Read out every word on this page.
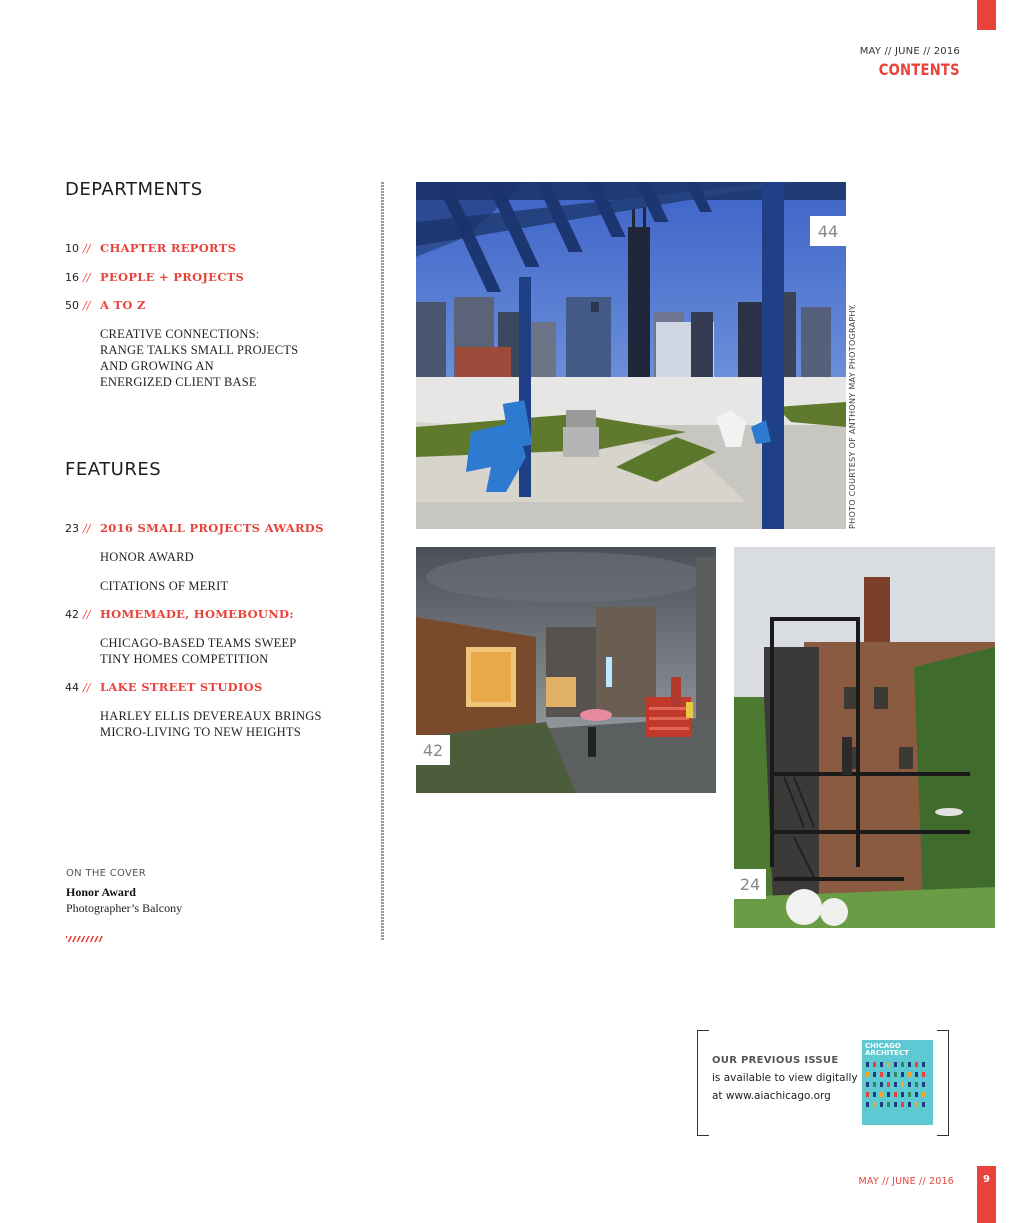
MAY // JUNE // 2016
CONTENTS
DEPARTMENTS
10 // CHAPTER REPORTS
16 // PEOPLE + PROJECTS
50 // A TO Z
CREATIVE CONNECTIONS:
RANGE TALKS SMALL PROJECTS
AND GROWING AN
ENERGIZED CLIENT BASE
FEATURES
23 // 2016 SMALL PROJECTS AWARDS
HONOR AWARD
CITATIONS OF MERIT
42 // HOMEMADE, HOMEBOUND:
CHICAGO-BASED TEAMS SWEEP
TINY HOMES COMPETITION
44 // LAKE STREET STUDIOS
HARLEY ELLIS DEVEREAUX BRINGS
MICRO-LIVING TO NEW HEIGHTS
ON THE COVER
Honor Award
Photographer’s Balcony
44
PHOTO COURTESY OF ANTHONY MAY PHOTOGRAPHY.
42
24
OUR PREVIOUS ISSUE
is available to view digitally
at www.aiachicago.org
CHICAGO
ARCHITECT
MAY // JUNE // 2016	9
